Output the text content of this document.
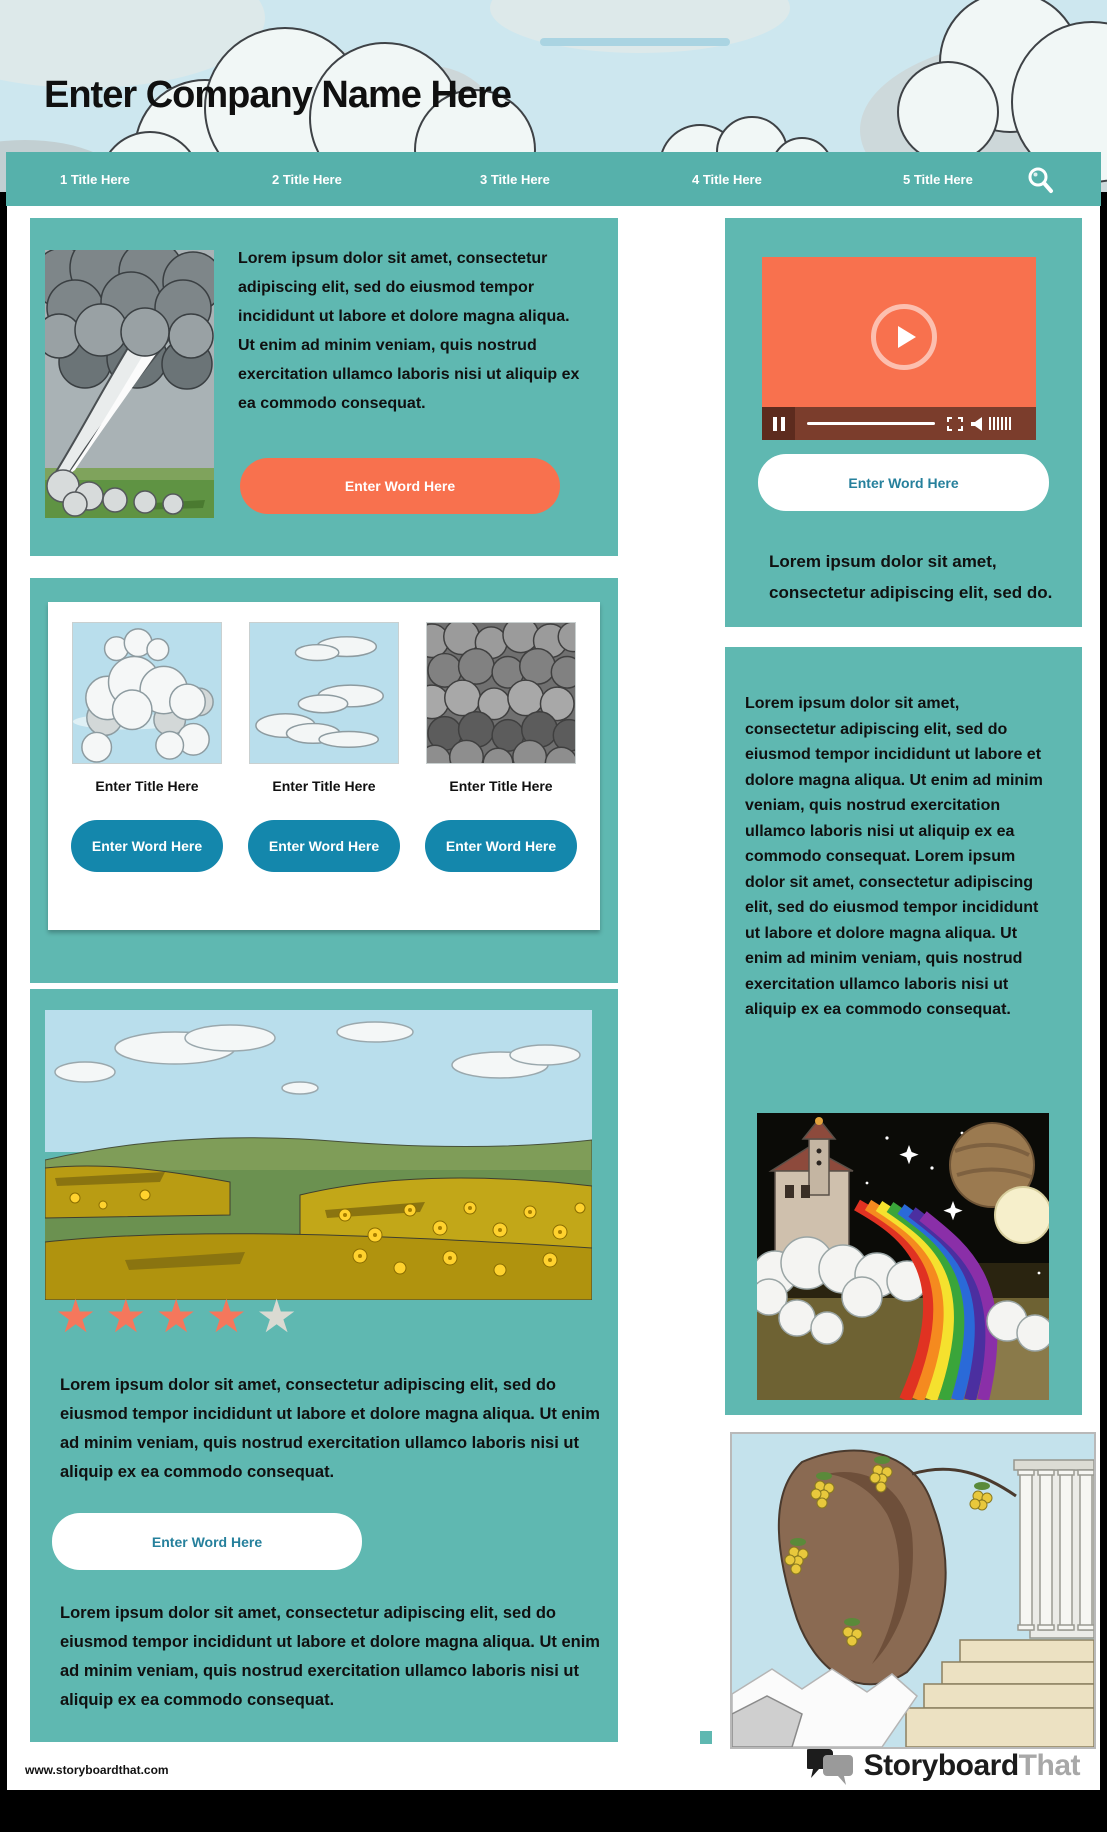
Enter Company Name Here
1 Title Here	2 Title Here	3 Title Here	4 Title Here	5 Title Here
Lorem ipsum dolor sit amet, consectetur adipiscing elit, sed do eiusmod tempor incididunt ut labore et dolore magna aliqua. Ut enim ad minim veniam, quis nostrud exercitation ullamco laboris nisi ut aliquip ex ea commodo consequat.
Enter Word Here
Enter Title Here	Enter Title Here	Enter Title Here
Enter Word Here	Enter Word Here	Enter Word Here
★★★★★
Lorem ipsum dolor sit amet, consectetur adipiscing elit, sed do eiusmod tempor incididunt ut labore et dolore magna aliqua. Ut enim ad minim veniam, quis nostrud exercitation ullamco laboris nisi ut aliquip ex ea commodo consequat.
Enter Word Here
Lorem ipsum dolor sit amet, consectetur adipiscing elit, sed do eiusmod tempor incididunt ut labore et dolore magna aliqua. Ut enim ad minim veniam, quis nostrud exercitation ullamco laboris nisi ut aliquip ex ea commodo consequat.
Enter Word Here
Lorem ipsum dolor sit amet, consectetur adipiscing elit, sed do.
Lorem ipsum dolor sit amet, consectetur adipiscing elit, sed do eiusmod tempor incididunt ut labore et dolore magna aliqua. Ut enim ad minim veniam, quis nostrud exercitation ullamco laboris nisi ut aliquip ex ea commodo consequat. Lorem ipsum dolor sit amet, consectetur adipiscing elit, sed do eiusmod tempor incididunt ut labore et dolore magna aliqua. Ut enim ad minim veniam, quis nostrud exercitation ullamco laboris nisi ut aliquip ex ea commodo consequat.
www.storyboardthat.com	StoryboardThat
